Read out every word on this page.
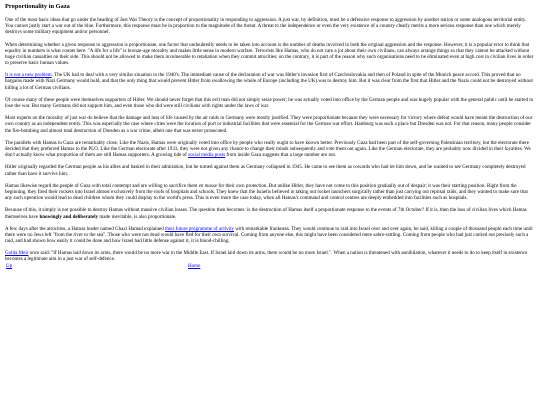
Proportionality in Gaza

One of the most basic ideas that go under the heading of Just War Theory is the concept of proportionality in responding to aggression. A just war, by definition, must be a defensive response to aggression by another nation or some analogous territorial entity. You cannot justly start a war out of the blue. Furthermore, this response must be in proportion to the magnitude of the threat. A threat to the independence or even the very existence of a country clearly merits a more serious response than one which merely destroys some military equipment and/or personnel.

When determining whether a given response to aggression is proportionate, one factor that undoubtedly needs to be taken into account is the number of deaths involved in both the original aggression and the response. However, it is a popular error to think that equality in numbers is what counts here. "A life for a life" is bronze-age morality and makes little sense in modern warfare. Terrorists like Hamas, who do not care a jot about their own civilians, can always arrange things so that they cannot be attacked without huge civilian casualties on their side. This should not be allowed to make them invulnerable to retaliation when they commit atrocities; on the contrary, it is part of the reason why such organisations need to be eliminated even at high cost in civilian lives in order to preserve basic human values.

It is not a new problem. The UK had to deal with a very similar situation in the 1940's. The immediate cause of the declaration of war was Hitler's invasion first of Czechoslovakia and then of Poland in spite of the Munich peace accord. This proved that no bargains made with Nazi Germany would hold, and that the only thing that would prevent Hitler from swallowing the whole of Europe (including the UK) was to destroy him. But it was clear from the first that Hitler and the Nazis could not be destroyed without killing a lot of German civilians.

Of course many of these people were themselves supporters of Hitler. We should never forget that this evil man did not simply seize power; he was actually voted into office by the German people and was hugely popular with the general public until he started to lose the war. But many Germans did not support him, and even those who did were still civilians with rights under the laws of war.

Most experts on the morality of just war do believe that the damage and loss of life caused by the air raids in Germany were mostly justified. They were proportionate because they were necessary for victory where defeat would have meant the destruction of our own country as an independent entity. This was especially the case where cities were the location of port or industrial facilities that were essential for the German war effort. Hamburg was such a place but Dresden was not. For that reason, many people consider the fire-bombing and almost total destruction of Dresden as a war crime, albeit one that was never prosecuted.

The parallels with Hamas in Gaza are remarkably close. Like the Nazis, Hamas were originally voted into office by people who really ought to have known better. Previously Gaza had been part of the self-governing Palestinian territory, but the electorate there decided that they preferred Hamas to the PLO. Like the German electorate after 1933, they were not given any chance to change their minds subsequently and vote them out again. Like the German electorate, they are probably now divided in their loyalties. We don't actually know what proportion of them are still Hamas supporters. A growing tide of social media posts from inside Gaza suggests that a large number are not.

Hitler originally regarded the German people as his allies and basked in their admiration, but he turned against them as Germany collapsed in 1945. He came to see them as cowards who had let him down, and he wanted to see Germany completely destroyed rather than have it survive him.

Hamas likewise regard the people of Gaza with total contempt and are willing to sacrifice them en masse for their own protection. But unlike Hitler, they have not come to this position gradually out of despair; it was their starting position. Right from the beginning, they fired their rockets into Israel almost exclusively from the roofs of hospitals and schools. They knew that the Israelis believed in taking out rocket launchers surgically rather than just carrying out reprisal raids, and they wanted to make sure that any such operation would lead to dead children whom they could display to the world's press. This is even more the case today, when all Hamas's command and control centres are deeply embedded into facilities such as hospitals.

Because of this, it simply is not possible to destroy Hamas without massive civilian losses. The question then becomes: is the destruction of Hamas itself a proportionate response to the events of 7th October? If it is, then the loss of civilian lives which Hamas themselves have knowingly and deliberately made inevitable, is also proportionate.

A few days after the atrocities, a Hamas leader named Ghazi Hamad explained their future programme of activity with remarkable frankness. They would continue to raid into Israel over and over again, he said, killing a couple of thousand people each time until there were no Jews left "from the river to the sea". Those who were not dead would have fled for their own survival. Coming from anyone else, this might have been considered mere sabre-rattling. Coming from people who had just carried out precisely such a raid, and had shown how easily it could be done and how Israel had little defense against it, it is blood-chilling.

Golda Meir once said: "If Hamas laid down its arms, there would be no more war in the Middle East. If Israel laid down its arms, there would be no more Israel.". When a nation is threatened with annihilation, whatever it needs to do to keep itself in existence becomes a legitimate aim in a just war of self-defence.

Up	Home
